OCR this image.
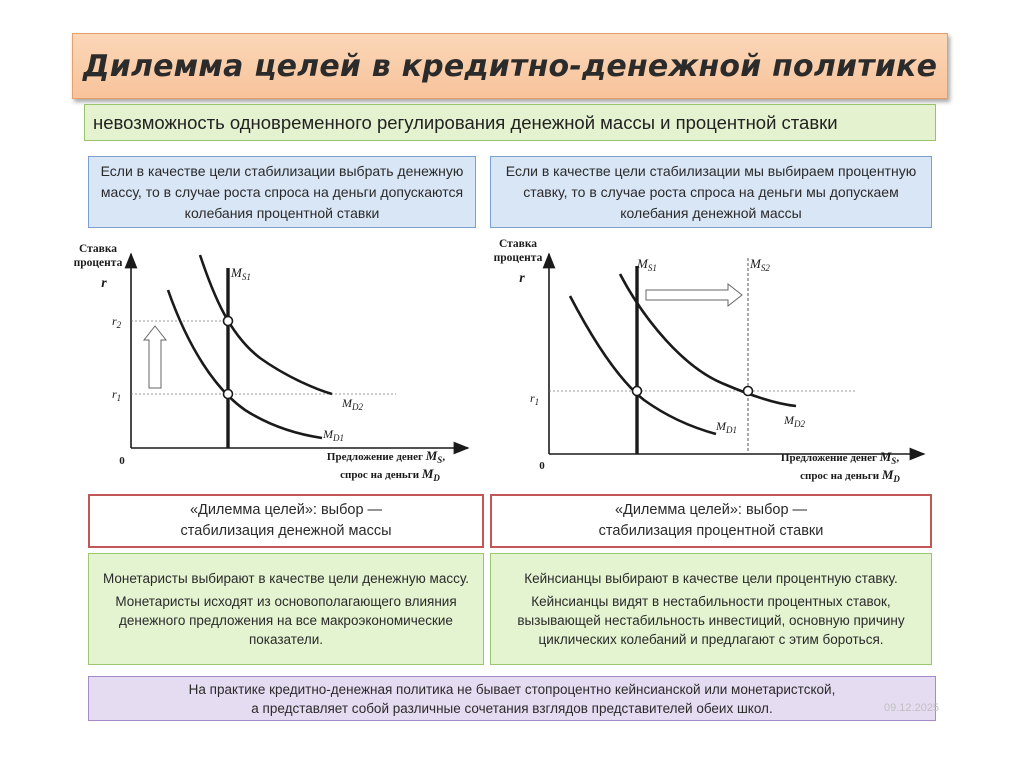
Дилемма целей в кредитно-денежной политике
невозможность одновременного регулирования денежной массы и процентной ставки
Если в качестве цели стабилизации выбрать денежную массу, то в случае роста спроса на деньги допускаются колебания процентной ставки
Если в качестве цели стабилизации мы выбираем процентную ставку, то в случае роста спроса на деньги мы допускаем колебания денежной массы
Ставка
процента
r
0
$r_2$
$r_1$
$M_{S1}$
$M_{D1}$
$M_{D2}$
Предложение денег $M_S$,
спрос на деньги $M_D$
Ставка
процента
r
0
$r_1$
$M_{S1}$	$M_{S2}$
$M_{D1}$
$M_{D2}$
Предложение денег $M_S$,
спрос на деньги $M_D$
«Дилемма целей»: выбор —
стабилизация денежной массы
«Дилемма целей»: выбор —
стабилизация процентной ставки

Монетаристы выбирают в качестве цели денежную массу.

Монетаристы исходят из основополагающего влияния денежного предложения на все макроэкономические показатели.

Кейнсианцы выбирают в качестве цели процентную ставку.

Кейнсианцы видят в нестабильности процентных ставок, вызывающей нестабильность инвестиций, основную причину циклических колебаний и предлагают с этим бороться.

На практике кредитно-денежная политика не бывает стопроцентно кейнсианской или монетаристской,
а представляет собой различные сочетания взглядов представителей обеих школ.	09.12.2025
